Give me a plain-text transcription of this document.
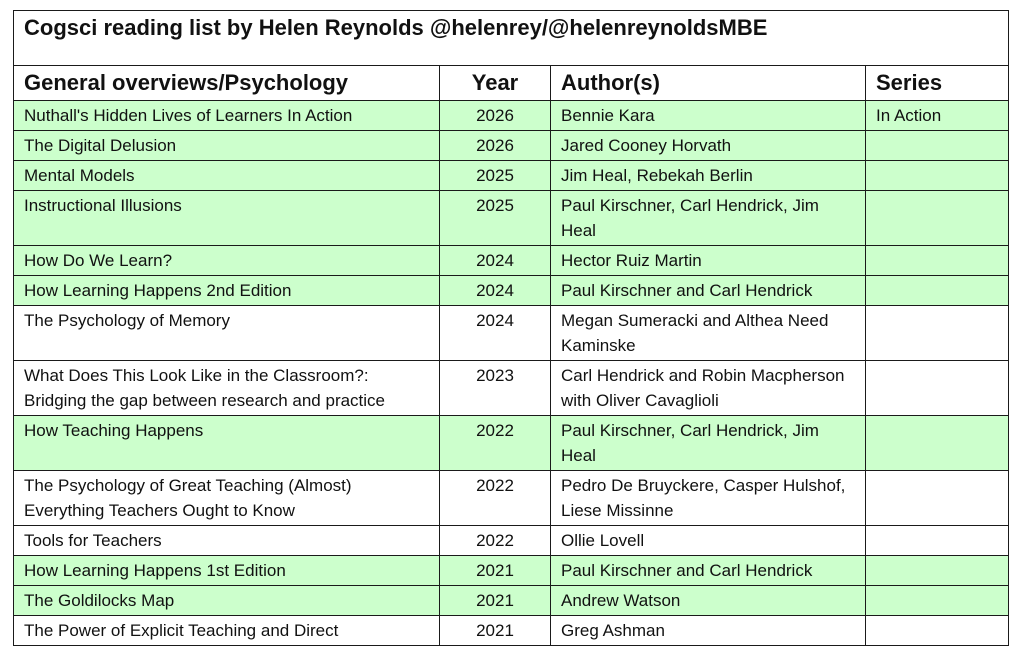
Cogsci reading list by Helen Reynolds @helenrey/@helenreynoldsMBE			
General overviews/Psychology	Year	Author(s)	Series
Nuthall's Hidden Lives of Learners In Action	2026	Bennie Kara	In Action
The Digital Delusion	2026	Jared Cooney Horvath	
Mental Models	2025	Jim Heal, Rebekah Berlin	
Instructional Illusions	2025	Paul Kirschner, Carl Hendrick, Jim Heal	
How Do We Learn?	2024	Hector Ruiz Martin	
How Learning Happens 2nd Edition	2024	Paul Kirschner and Carl Hendrick	
The Psychology of Memory	2024	Megan Sumeracki and Althea Need Kaminske	
What Does This Look Like in the Classroom?: Bridging the gap between research and practice	2023	Carl Hendrick and Robin Macpherson with Oliver Cavaglioli	
How Teaching Happens	2022	Paul Kirschner, Carl Hendrick, Jim Heal	
The Psychology of Great Teaching (Almost) Everything Teachers Ought to Know	2022	Pedro De Bruyckere, Casper Hulshof, Liese Missinne	
Tools for Teachers	2022	Ollie Lovell	
How Learning Happens 1st Edition	2021	Paul Kirschner and Carl Hendrick	
The Goldilocks Map	2021	Andrew Watson	
The Power of Explicit Teaching and Direct	2021	Greg Ashman	
